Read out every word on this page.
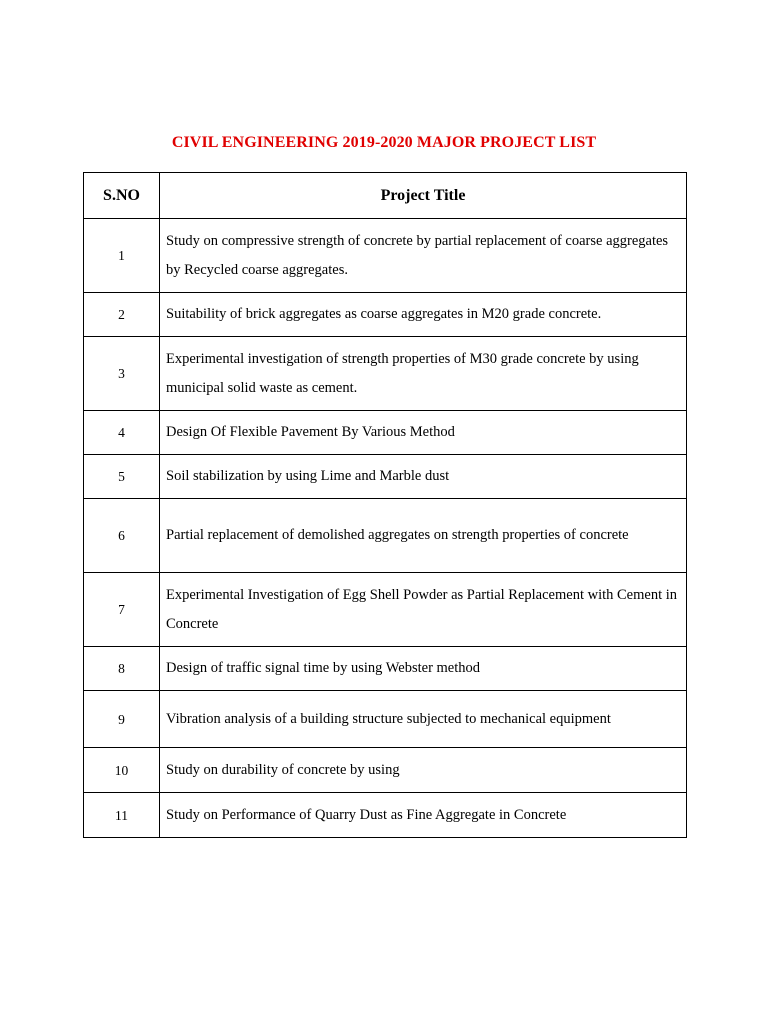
CIVIL ENGINEERING 2019-2020 MAJOR PROJECT LIST
S.NO	Project Title
1	Study on compressive strength of concrete by partial replacement of coarse aggregates by Recycled coarse aggregates.
2	Suitability of brick aggregates as coarse aggregates in M20 grade concrete.
3	Experimental investigation of strength properties of M30 grade concrete by using municipal solid waste as cement.
4	Design Of Flexible Pavement By Various Method
5	Soil stabilization by using Lime and Marble dust
6	Partial replacement of demolished aggregates on strength properties of concrete
7	Experimental Investigation of Egg Shell Powder as Partial Replacement with Cement in Concrete
8	Design of traffic signal time by using Webster method
9	Vibration analysis of a building structure subjected to mechanical equipment
10	Study on durability of concrete by using
11	Study on Performance of Quarry Dust as Fine Aggregate in Concrete
